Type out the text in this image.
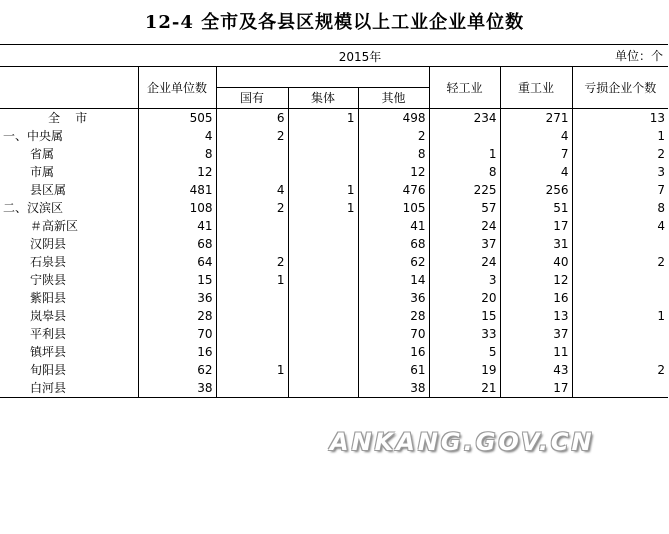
12-4 全市及各县区规模以上工业企业单位数
2015年	单位：个
	企业单位数				轻工业	重工业	亏损企业个数
		国有	集体	其他			
全    市	505	6	1	498	234	271	13
一、中央属	4	2		2		4	1
省属	8			8	1	7	2
市属	12			12	8	4	3
县区属	481	4	1	476	225	256	7
二、汉滨区	108	2	1	105	57	51	8
＃高新区	41			41	24	17	4
汉阴县	68			68	37	31	
石泉县	64	2		62	24	40	2
宁陕县	15	1		14	3	12	
紫阳县	36			36	20	16	
岚皋县	28			28	15	13	1
平利县	70			70	33	37	
镇坪县	16			16	5	11	
旬阳县	62	1		61	19	43	2
白河县	38			38	21	17	
ANKANG.GOV.CN
